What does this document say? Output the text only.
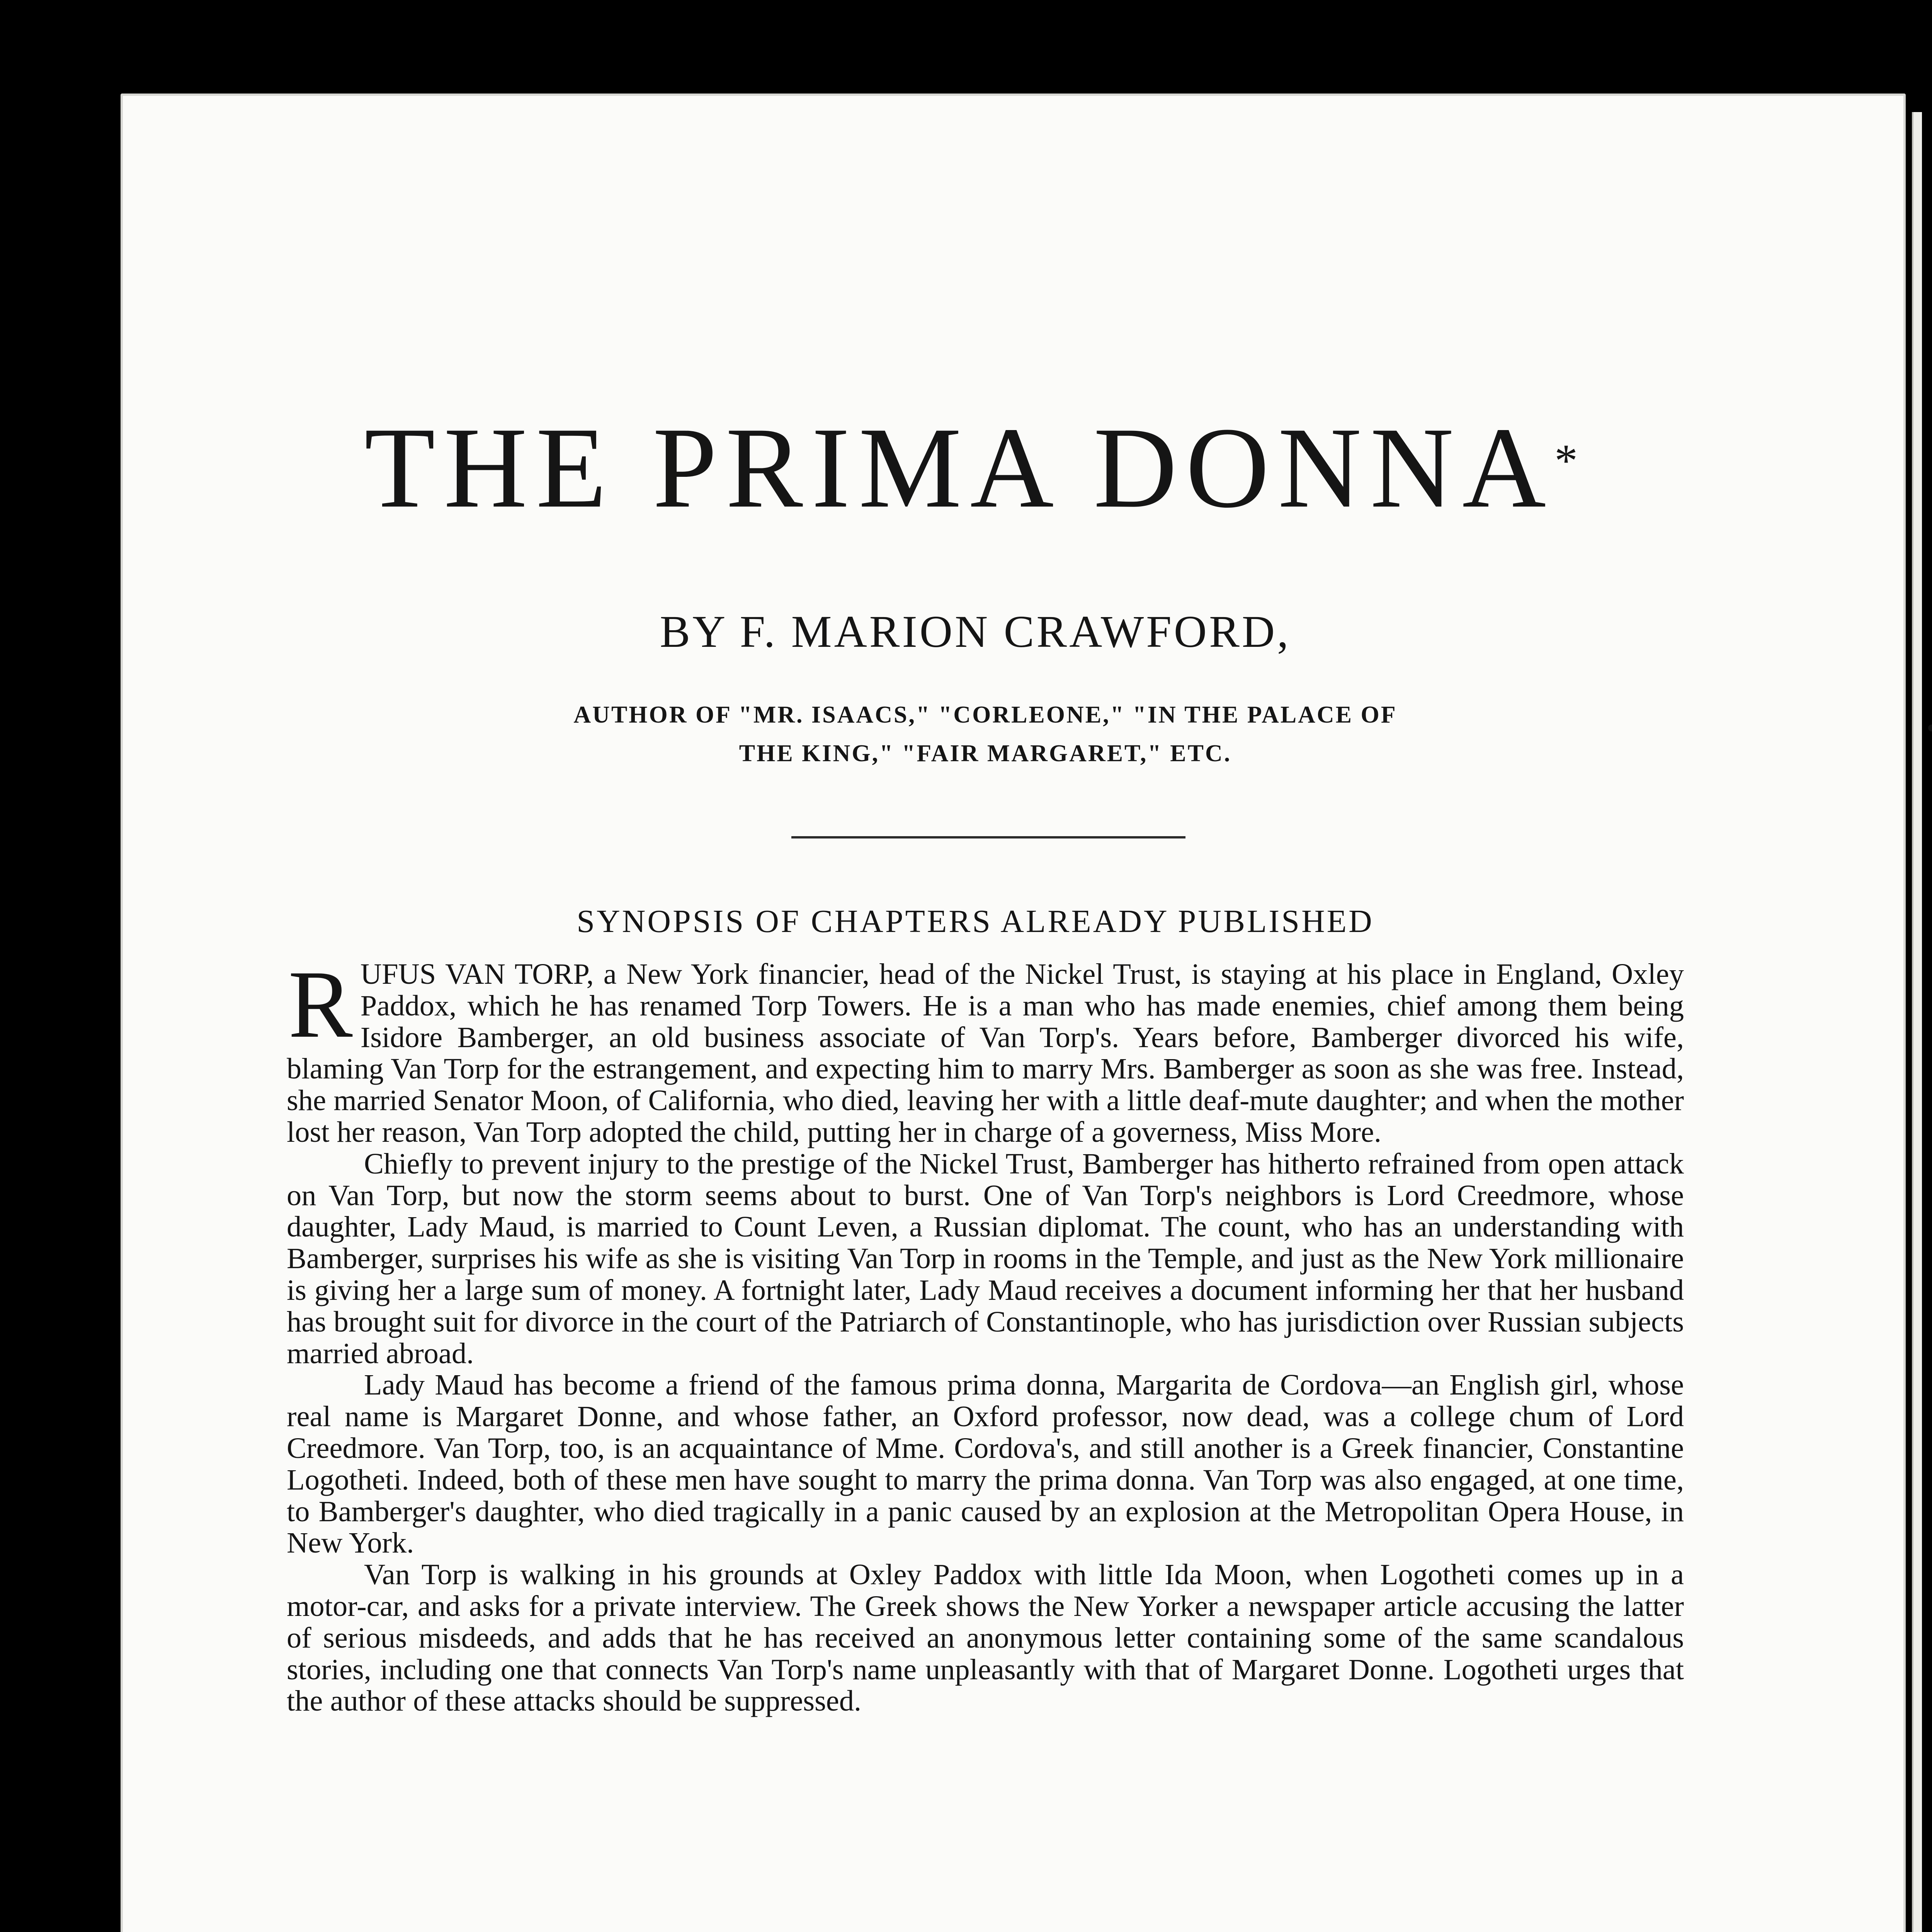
THE PRIMA DONNA*
BY F. MARION CRAWFORD,
AUTHOR OF "MR. ISAACS," "CORLEONE," "IN THE PALACE OF
THE KING," "FAIR MARGARET," ETC.
SYNOPSIS OF CHAPTERS ALREADY PUBLISHED

RUFUS VAN TORP, a New York financier, head of the Nickel Trust, is staying at his place in England, Oxley Paddox, which he has renamed Torp Towers. He is a man who has made enemies, chief among them being Isidore Bamberger, an old business associate of Van Torp's. Years before, Bamberger divorced his wife, blaming Van Torp for the estrangement, and expecting him to marry Mrs. Bamberger as soon as she was free. Instead, she married Senator Moon, of California, who died, leaving her with a little deaf-mute daughter; and when the mother lost her reason, Van Torp adopted the child, putting her in charge of a governess, Miss More.

Chiefly to prevent injury to the prestige of the Nickel Trust, Bamberger has hitherto refrained from open attack on Van Torp, but now the storm seems about to burst. One of Van Torp's neighbors is Lord Creedmore, whose daughter, Lady Maud, is married to Count Leven, a Russian diplomat. The count, who has an understanding with Bamberger, surprises his wife as she is visiting Van Torp in rooms in the Temple, and just as the New York millionaire is giving her a large sum of money. A fortnight later, Lady Maud receives a document informing her that her husband has brought suit for divorce in the court of the Patriarch of Constantinople, who has jurisdiction over Russian subjects married abroad.

Lady Maud has become a friend of the famous prima donna, Margarita de Cordova—an English girl, whose real name is Margaret Donne, and whose father, an Oxford professor, now dead, was a college chum of Lord Creedmore. Van Torp, too, is an acquaintance of Mme. Cordova's, and still another is a Greek financier, Constantine Logotheti. Indeed, both of these men have sought to marry the prima donna. Van Torp was also engaged, at one time, to Bamberger's daughter, who died tragically in a panic caused by an explosion at the Metropolitan Opera House, in New York.

Van Torp is walking in his grounds at Oxley Paddox with little Ida Moon, when Logotheti comes up in a motor-car, and asks for a private interview. The Greek shows the New Yorker a newspaper article accusing the latter of serious misdeeds, and adds that he has received an anonymous letter containing some of the same scandalous stories, including one that connects Van Torp's name unpleasantly with that of Margaret Donne. Logotheti urges that the author of these attacks should be suppressed.
